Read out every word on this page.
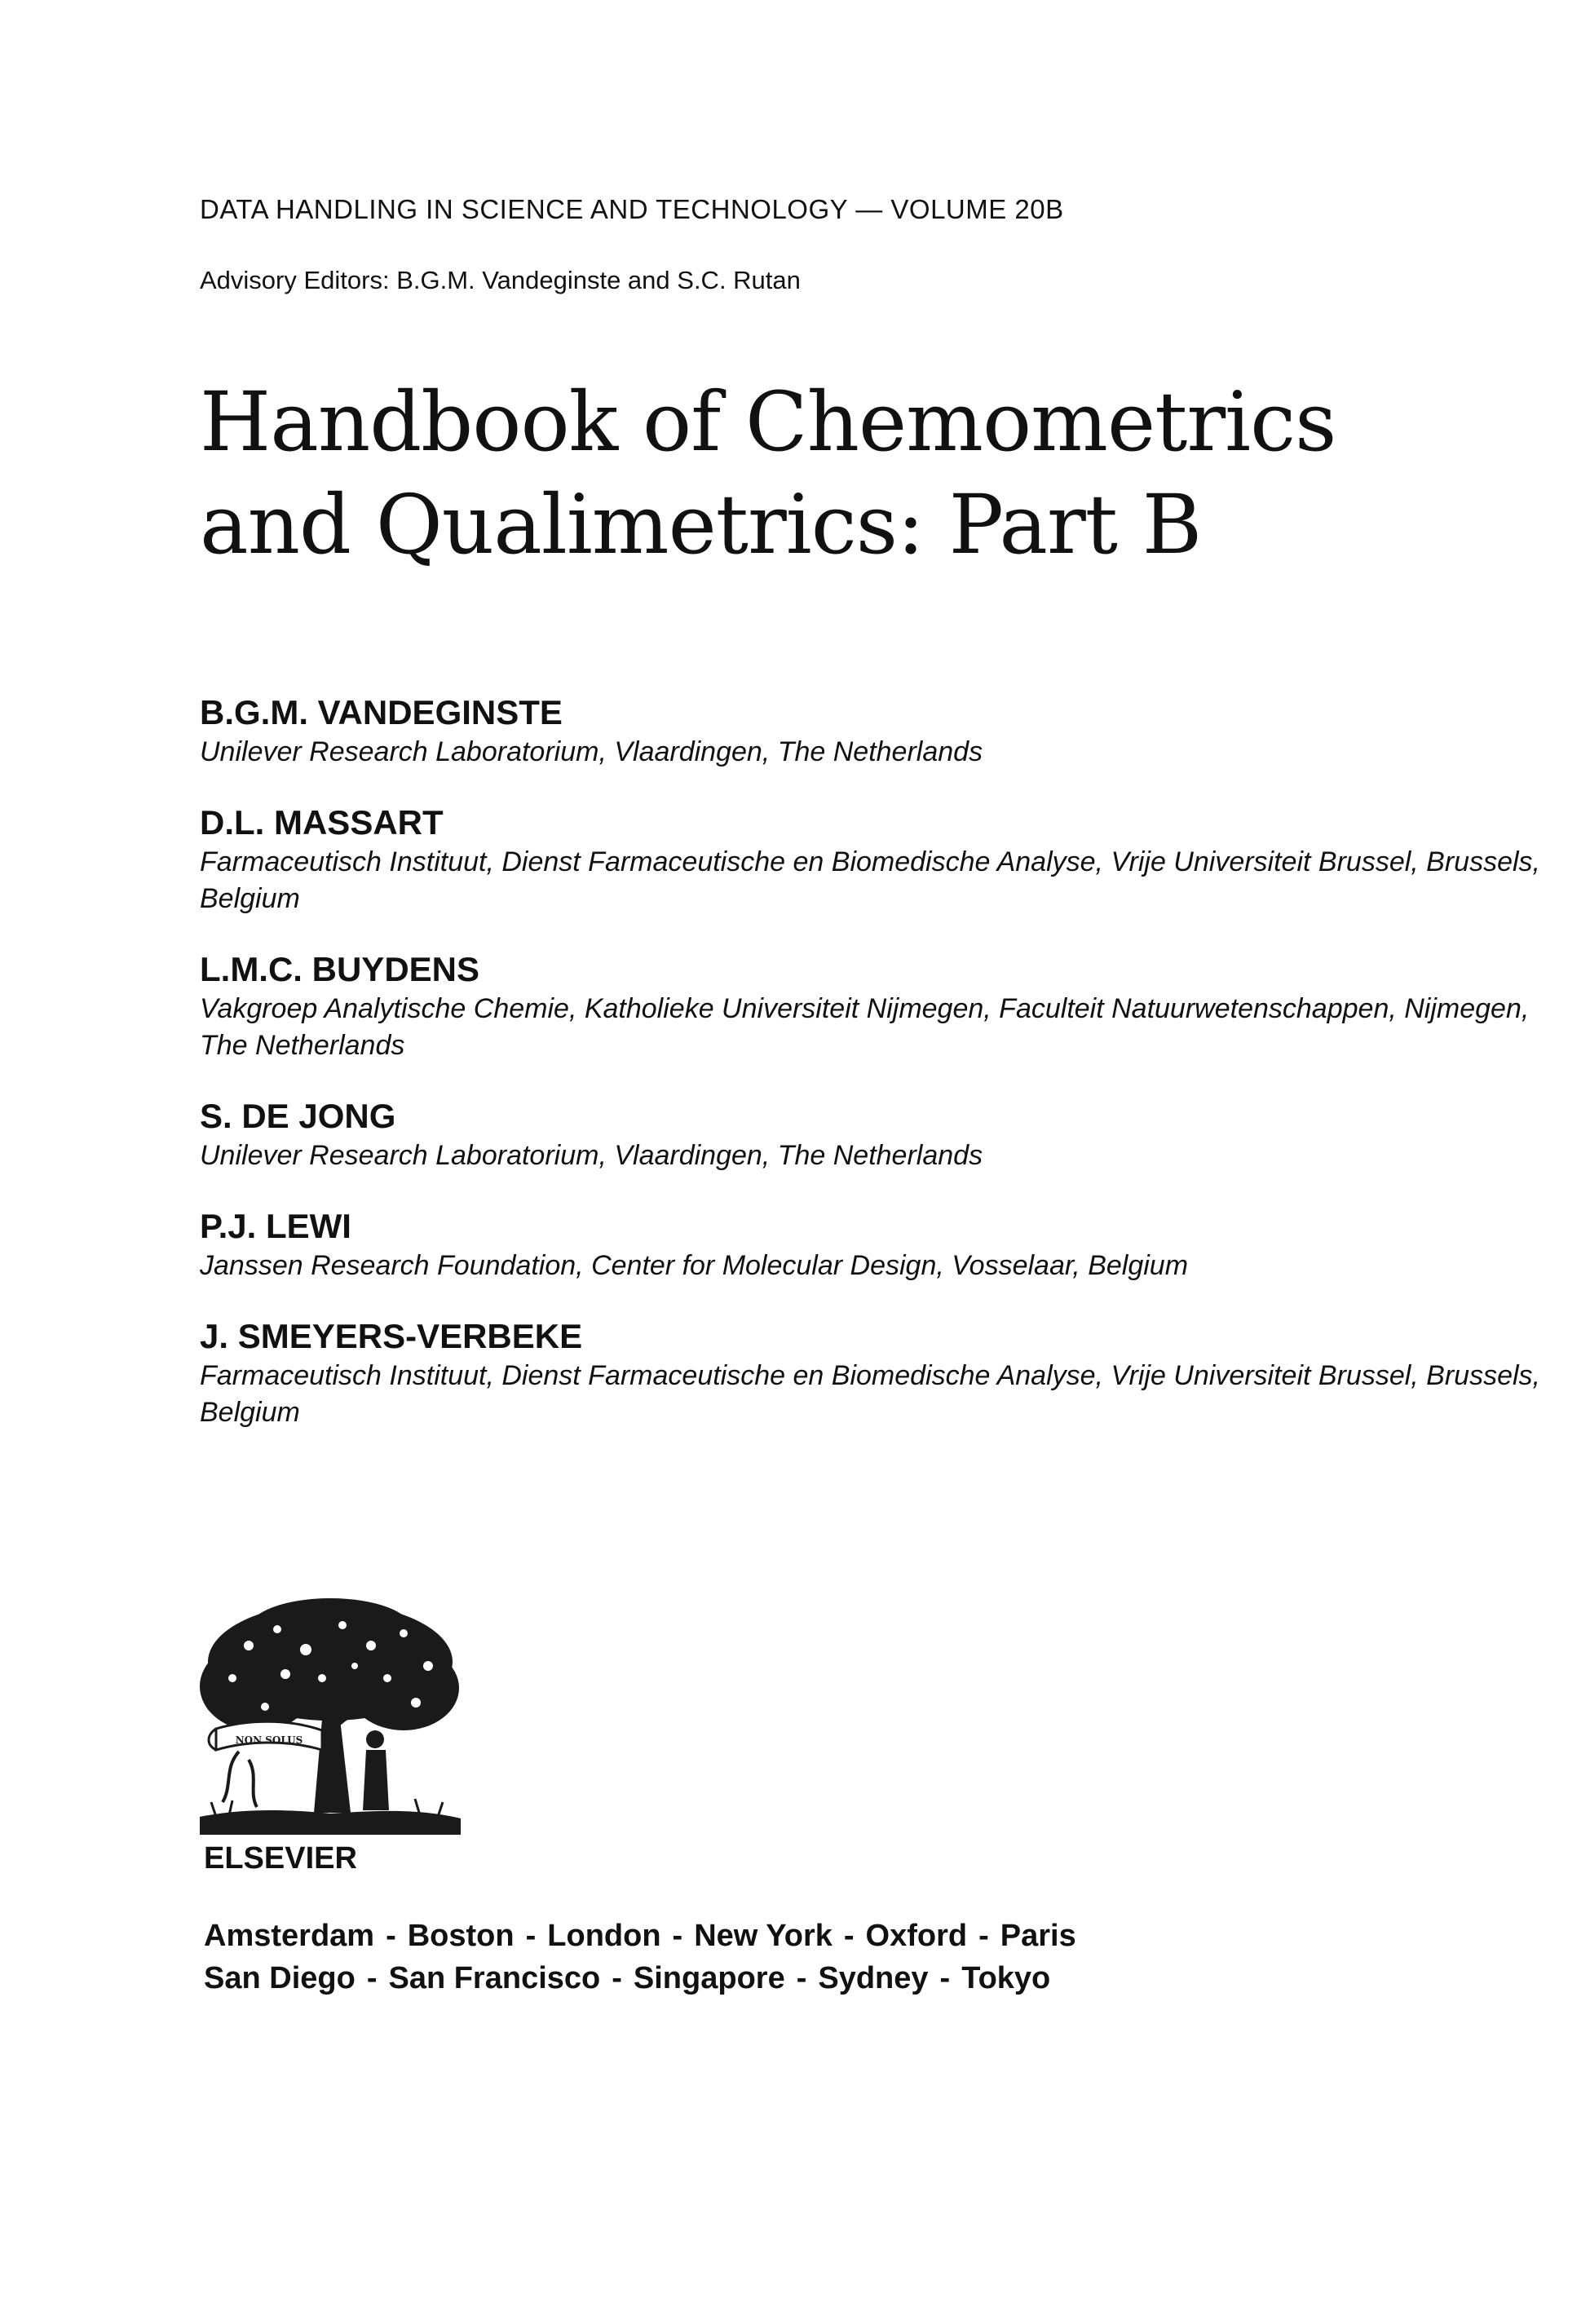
DATA HANDLING IN SCIENCE AND TECHNOLOGY — VOLUME 20B
Advisory Editors: B.G.M. Vandeginste and S.C. Rutan
Handbook of Chemometrics
and Qualimetrics: Part B
B.G.M. VANDEGINSTE
Unilever Research Laboratorium, Vlaardingen, The Netherlands
D.L. MASSART
Farmaceutisch Instituut, Dienst Farmaceutische en Biomedische Analyse, Vrije Universiteit Brussel, Brussels, Belgium
L.M.C. BUYDENS
Vakgroep Analytische Chemie, Katholieke Universiteit Nijmegen, Faculteit Natuurwetenschappen, Nijmegen, The Netherlands
S. DE JONG
Unilever Research Laboratorium, Vlaardingen, The Netherlands
P.J. LEWI
Janssen Research Foundation, Center for Molecular Design, Vosselaar, Belgium
J. SMEYERS-VERBEKE
Farmaceutisch Instituut, Dienst Farmaceutische en Biomedische Analyse, Vrije Universiteit Brussel, Brussels, Belgium
NON SOLUS
ELSEVIER
Amsterdam - Boston - London - New York - Oxford - Paris
San Diego - San Francisco - Singapore - Sydney - Tokyo
